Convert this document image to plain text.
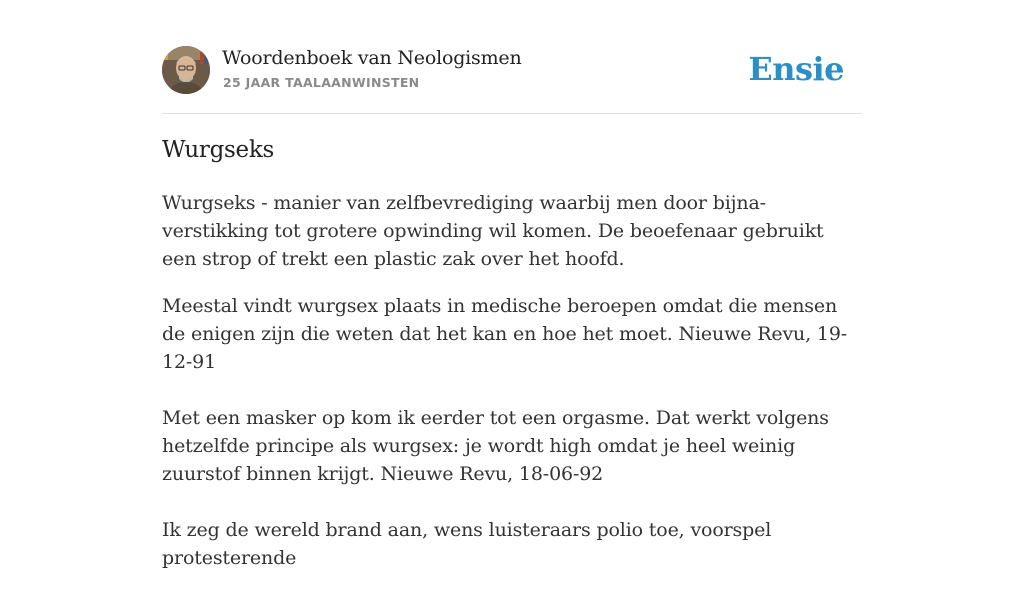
Woordenboek van Neologismen
25 JAAR TAALAANWINSTEN	Ensie
Wurgseks

Wurgseks - manier van zelfbevrediging waarbij men door bijna-verstikking tot grotere opwinding wil komen. De beoefenaar gebruikt een strop of trekt een plastic zak over het hoofd.

Meestal vindt wurgsex plaats in medische beroepen omdat die mensen de enigen zijn die weten dat het kan en hoe het moet. Nieuwe Revu, 19-12-91

Met een masker op kom ik eerder tot een orgasme. Dat werkt volgens hetzelfde principe als wurgsex: je wordt high omdat je heel weinig zuurstof binnen krijgt. Nieuwe Revu, 18-06-92

Ik zeg de wereld brand aan, wens luisteraars polio toe, voorspel protesterende
